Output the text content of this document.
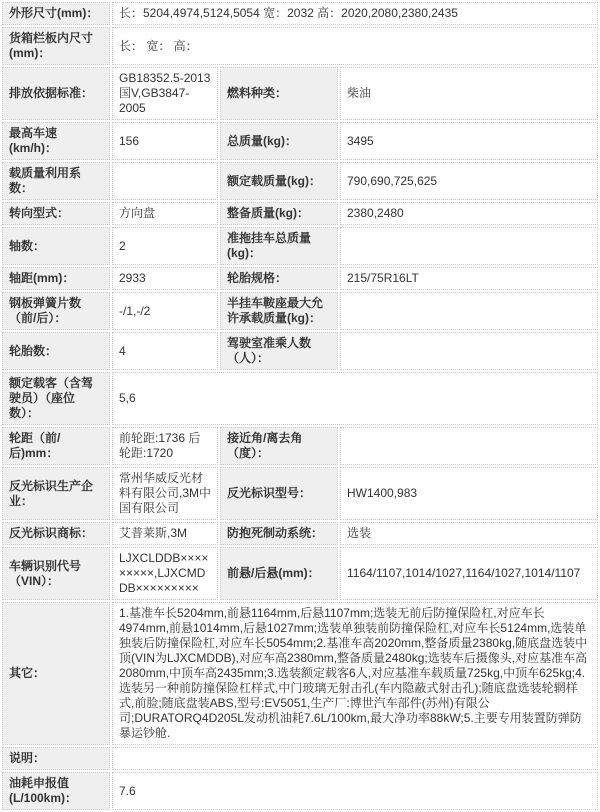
外形尺寸(mm)：	长：5204,4974,5124,5054 宽：2032 高：2020,2080,2380,2435		
货箱栏板内尺寸(mm)：	长： 宽： 高：		
排放依据标准：	GB18352.5-2013国V,GB3847-2005	燃料种类：	柴油
最高车速(km/h)：	156	总质量(kg)：	3495
载质量利用系数：		额定载质量(kg)：	790,690,725,625
转向型式：	方向盘	整备质量(kg)：	2380,2480
轴数：	2	准拖挂车总质量(kg)：	
轴距(mm)：	2933	轮胎规格：	215/75R16LT
钢板弹簧片数（前/后）：	-/1,-/2	半挂车鞍座最大允许承载质量(kg)：	
轮胎数：	4	驾驶室准乘人数（人）：	
额定载客（含驾驶员）（座位数）：	5,6		
轮距（前/后)mm：	前轮距:1736 后轮距:1720	接近角/离去角（度）：	
反光标识生产企业：	常州华威反光材料有限公司,3M中国有限公司	反光标识型号：	HW1400,983
反光标识商标：	艾普莱斯,3M	防抱死制动系统：	选装
车辆识别代号（VIN）：	LJXCLDDB×××××××××,LJXCMDDB×××××××××	前悬/后悬(mm)：	1164/1107,1014/1027,1164/1027,1014/1107
其它：	1.基准车长5204mm,前悬1164mm,后悬1107mm;选装无前后防撞保险杠,对应车长4974mm,前悬1014mm,后悬1027mm;选装单独装前防撞保险杠,对应车长5124mm,选装单独装后防撞保险杠,对应车长5054mm;2.基准车高2020mm,整备质量2380kg,随底盘选装中顶(VIN为LJXCMDDB),对应车高2380mm,整备质量2480kg;选装车后摄像头,对应基准车高2080mm,中顶车高2435mm;3.选装额定载客6人,对应基准车载质量725kg,中顶车625kg;4.选装另一种前防撞保险杠样式,中门玻璃无射击孔(车内隐蔽式射击孔);随底盘选装轮辋样式,前脸;随底盘装ABS,型号:EV5051,生产厂:博世汽车部件(苏州)有限公司;DURATORQ4D205L发动机油耗7.6L/100km,最大净功率88kW;5.主要专用装置防弹防暴运钞舱.		
说明：			
油耗申报值(L/100km)：	7.6		
